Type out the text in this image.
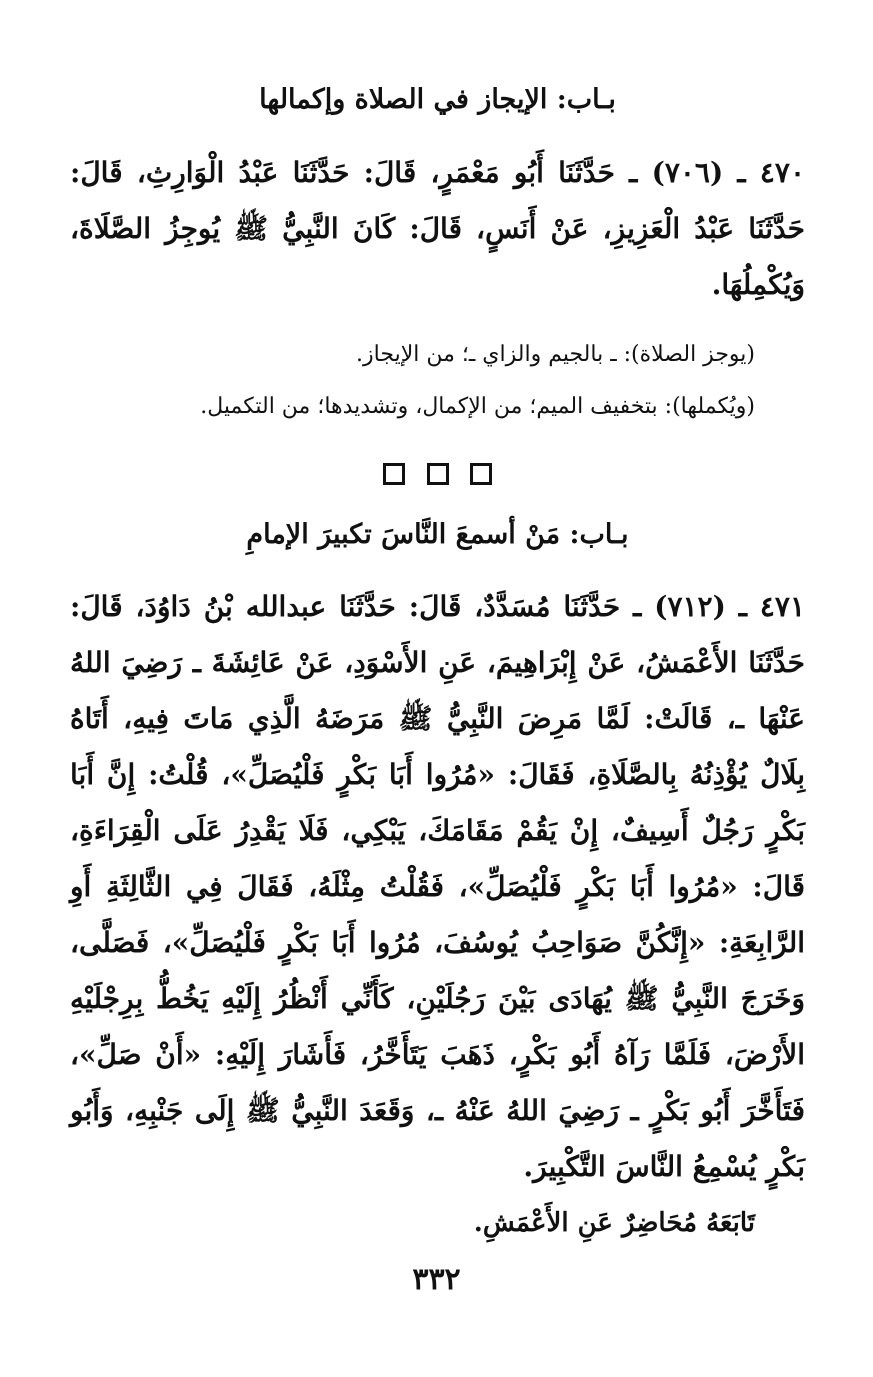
بـاب: الإيجاز في الصلاة وإكمالها

٤٧٠ ـ (٧٠٦) ـ حَدَّثَنَا أَبُو مَعْمَرٍ، قَالَ: حَدَّثَنَا عَبْدُ الْوَارِثِ، قَالَ: حَدَّثَنَا عَبْدُ الْعَزِيزِ، عَنْ أَنَسٍ، قَالَ: كَانَ النَّبِيُّ ﷺ يُوجِزُ الصَّلَاةَ، وَيُكْمِلُهَا.

(يوجز الصلاة): ـ بالجيم والزاي ـ؛ من الإيجاز.

(ويُكملها): بتخفيف الميم؛ من الإكمال، وتشديدها؛ من التكميل.

بـاب: مَنْ أسمعَ النَّاسَ تكبيرَ الإمامِ

٤٧١ ـ (٧١٢) ـ حَدَّثَنَا مُسَدَّدٌ، قَالَ: حَدَّثَنَا عبدالله بْنُ دَاوُدَ، قَالَ: حَدَّثَنَا الأَعْمَشُ، عَنْ إِبْرَاهِيمَ، عَنِ الأَسْوَدِ، عَنْ عَائِشَةَ ـ رَضِيَ اللهُ عَنْهَا ـ، قَالَتْ: لَمَّا مَرِضَ النَّبِيُّ ﷺ مَرَضَهُ الَّذِي مَاتَ فِيهِ، أَتَاهُ بِلَالٌ يُؤْذِنُهُ بِالصَّلَاةِ، فَقَالَ: «مُرُوا أَبَا بَكْرٍ فَلْيُصَلِّ»، قُلْتُ: إِنَّ أَبَا بَكْرٍ رَجُلٌ أَسِيفٌ، إِنْ يَقُمْ مَقَامَكَ، يَبْكِي، فَلَا يَقْدِرُ عَلَى الْقِرَاءَةِ، قَالَ: «مُرُوا أَبَا بَكْرٍ فَلْيُصَلِّ»، فَقُلْتُ مِثْلَهُ، فَقَالَ فِي الثَّالِثَةِ أَوِ الرَّابِعَةِ: «إِنَّكُنَّ صَوَاحِبُ يُوسُفَ، مُرُوا أَبَا بَكْرٍ فَلْيُصَلِّ»، فَصَلَّى، وَخَرَجَ النَّبِيُّ ﷺ يُهَادَى بَيْنَ رَجُلَيْنِ، كَأَنِّي أَنْظُرُ إِلَيْهِ يَخُطُّ بِرِجْلَيْهِ الأَرْضَ، فَلَمَّا رَآهُ أَبُو بَكْرٍ، ذَهَبَ يَتَأَخَّرُ، فَأَشَارَ إِلَيْهِ: «أَنْ صَلِّ»، فَتَأَخَّرَ أَبُو بَكْرٍ ـ رَضِيَ اللهُ عَنْهُ ـ، وَقَعَدَ النَّبِيُّ ﷺ إِلَى جَنْبِهِ، وَأَبُو بَكْرٍ يُسْمِعُ النَّاسَ التَّكْبِيرَ.

تَابَعَهُ مُحَاضِرٌ عَنِ الأَعْمَشِ.

٣٣٢
